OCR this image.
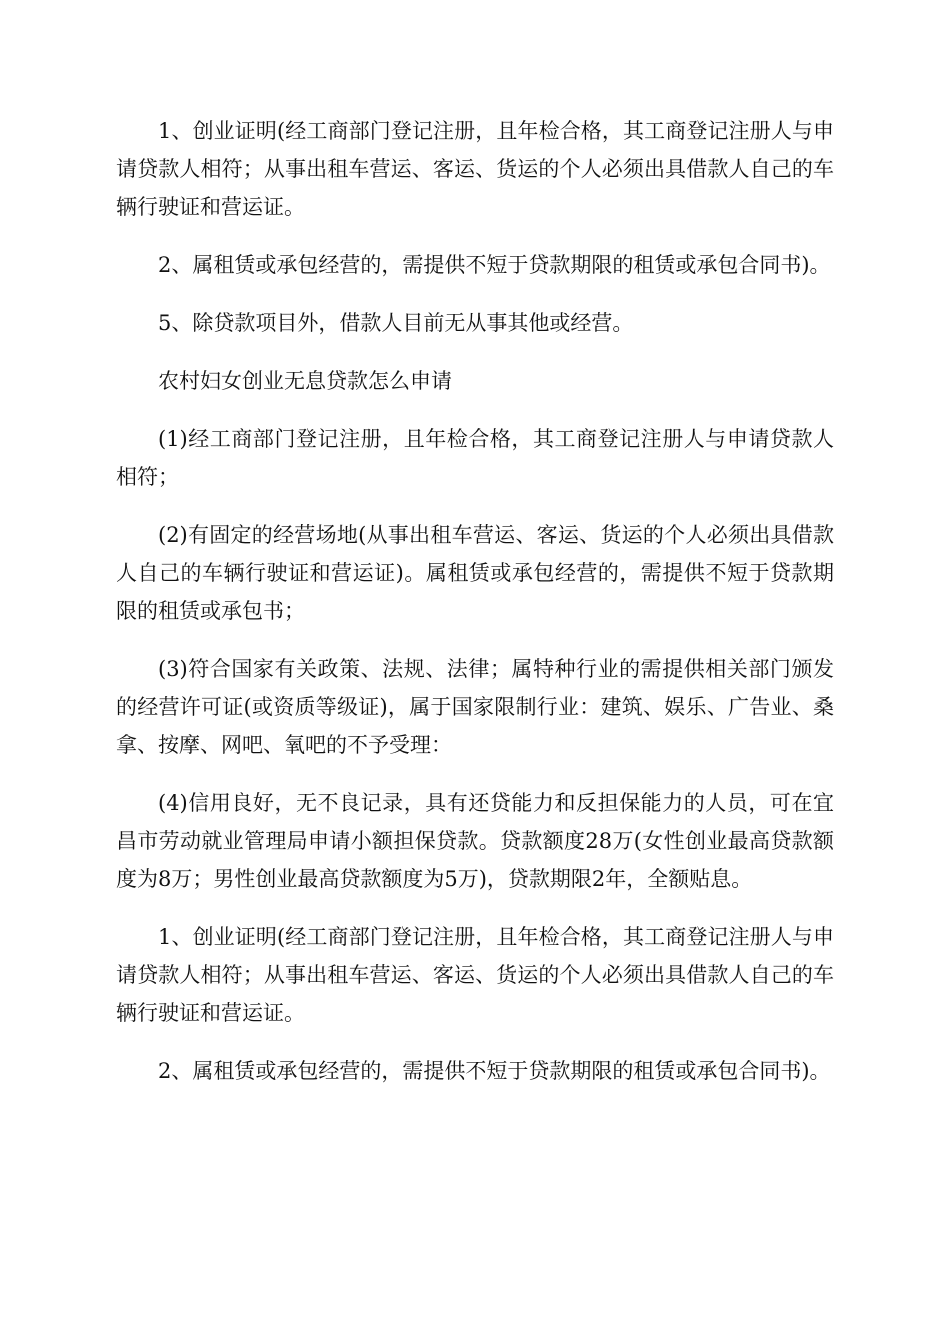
1、创业证明(经工商部门登记注册，且年检合格，其工商登记注册人与申请贷款人相符；从事出租车营运、客运、货运的个人必须出具借款人自己的车辆行驶证和营运证。

2、属租赁或承包经营的，需提供不短于贷款期限的租赁或承包合同书)。

5、除贷款项目外，借款人目前无从事其他或经营。

农村妇女创业无息贷款怎么申请

(1)经工商部门登记注册，且年检合格，其工商登记注册人与申请贷款人相符；

(2)有固定的经营场地(从事出租车营运、客运、货运的个人必须出具借款人自己的车辆行驶证和营运证)。属租赁或承包经营的，需提供不短于贷款期限的租赁或承包书；

(3)符合国家有关政策、法规、法律；属特种行业的需提供相关部门颁发的经营许可证(或资质等级证)，属于国家限制行业：建筑、娱乐、广告业、桑拿、按摩、网吧、氧吧的不予受理：

(4)信用良好，无不良记录，具有还贷能力和反担保能力的人员，可在宜昌市劳动就业管理局申请小额担保贷款。贷款额度28万(女性创业最高贷款额度为8万；男性创业最高贷款额度为5万)，贷款期限2年，全额贴息。

1、创业证明(经工商部门登记注册，且年检合格，其工商登记注册人与申请贷款人相符；从事出租车营运、客运、货运的个人必须出具借款人自己的车辆行驶证和营运证。

2、属租赁或承包经营的，需提供不短于贷款期限的租赁或承包合同书)。
